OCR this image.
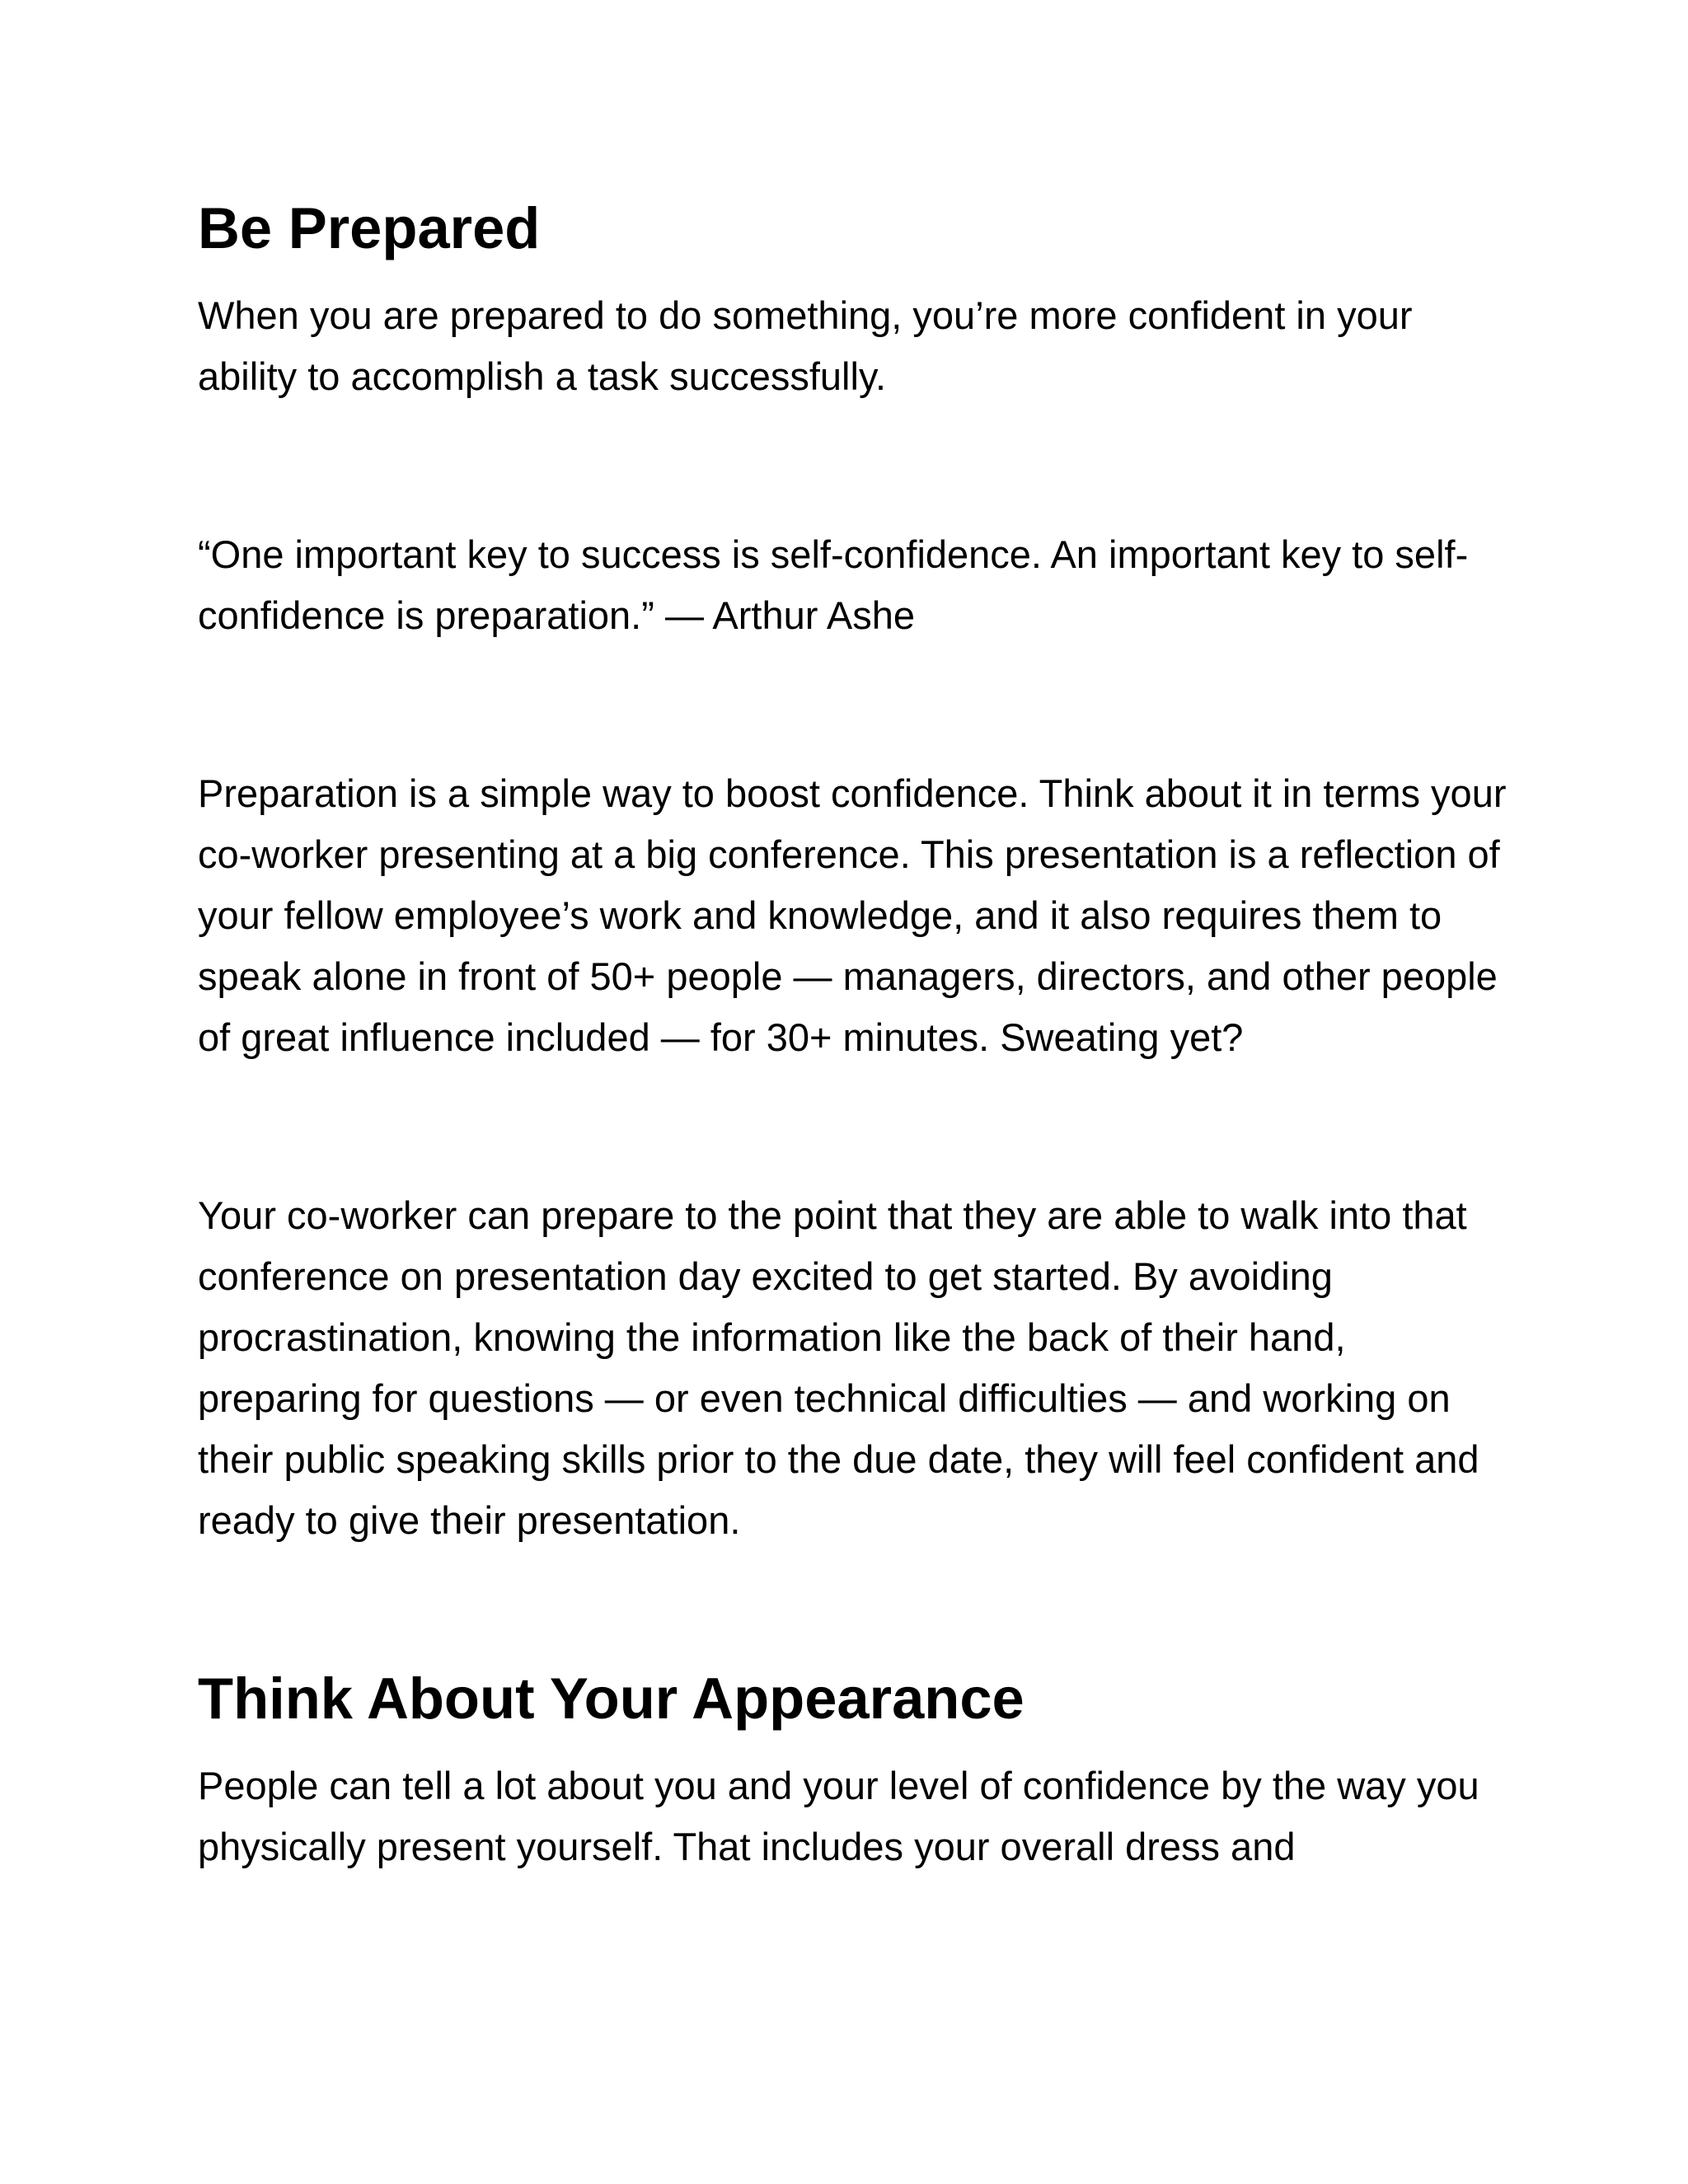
Be Prepared

When you are prepared to do something, you’re more confident in your ability to accomplish a task successfully.

“One important key to success is self-confidence. An important key to self-confidence is preparation.” — Arthur Ashe

Preparation is a simple way to boost confidence. Think about it in terms your co-worker presenting at a big conference. This presentation is a reflection of your fellow employee’s work and knowledge, and it also requires them to speak alone in front of 50+ people — managers, directors, and other people of great influence included — for 30+ minutes. Sweating yet?

Your co-worker can prepare to the point that they are able to walk into that conference on presentation day excited to get started. By avoiding procrastination, knowing the information like the back of their hand, preparing for questions — or even technical difficulties — and working on their public speaking skills prior to the due date, they will feel confident and ready to give their presentation.

Think About Your Appearance

People can tell a lot about you and your level of confidence by the way you physically present yourself. That includes your overall dress and
